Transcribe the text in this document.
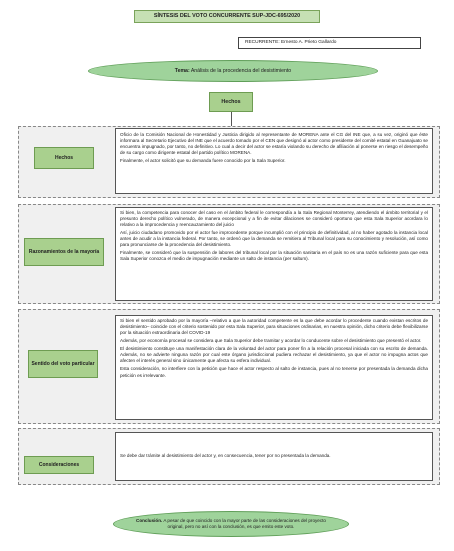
SÍNTESIS DEL VOTO CONCURRENTE SUP-JDC-695/2020
RECURRENTE: Ernesto A. Prieto Gallardo
Tema: Análisis de la procedencia del desistimiento
Hechos
Hechos

Oficio de la Comisión Nacional de Honestidad y Justicia dirigido al representante de MORENA ante el CG del INE que, a su vez, originó que éste informara al Secretario Ejecutivo del INE que el acuerdo tomado por el CEN que designó al actor como presidente del comité estatal en Guanajuato se encuentra impugnado, por tanto, no definitivo. Lo cual a decir del actor se estaría violando su derecho de afiliación al ponerse en riesgo el desempeño de su cargo como dirigente estatal del partido político MORENA.

Finalmente, el actor solicitó que su demanda fuere conocido por la Sala Superior.

Razonamientos de la mayoría

Si bien, la competencia para conocer del caso en el ámbito federal le correspondía a la Sala Regional Monterrey, atendiendo el ámbito territorial y el presunto derecho político vulnerado, de manera excepcional y a fin de evitar dilaciones se consideró oportuno que esta Sala Superior acordara lo relativo a la improcedencia y reencauzamiento del juicio

Así, juicio ciudadano promovido por el actor fue improcedente porque incumplió con el principio de definitividad, al no haber agotado la instancia local antes de acudir a la instancia federal. Por tanto, se ordenó que la demanda se remitiera al Tribunal local para su conocimiento y resolución, así como para pronunciarse de la procedencia del desistimiento.

Finalmente, se consideró que la suspensión de labores del tribunal local por la situación sanitaria en el país no es una razón suficiente para que esta Sala Superior conozca el medio de impugnación mediante un salto de instancia (per saltum).

Sentido del voto particular

Si bien el sentido aprobado por la mayoría –relativo a que la autoridad competente es la que debe acordar lo procedente cuando existan escritos de desistimiento– coincide con el criterio sostenido por esta Sala Superior, para situaciones ordinarias, en nuestra opinión, dicho criterio debe flexibilizarse por la situación extraordinaria del COVID-19

Además, por economía procesal se considera que Sala Superior debe tramitar y acordar lo conducente sobre el desistimiento que presentó el actor.

El desistimiento constituye una manifestación clara de la voluntad del actor para poner fin a la relación procesal iniciada con su escrito de demanda. Además, no se advierte ninguna razón por cual este órgano jurisdiccional pudiera rechazar el desistimiento, ya que el actor no impugna actos que afecten el interés general sino únicamente que afecta su esfera individual.

Esta consideración, no interfiere con la petición que hace el actor respecto al salto de instancia, pues al no tenerse por presentada la demanda dicha petición es irrelevante.

Consideraciones

Se debe dar trámite al desistimiento del actor y, en consecuencia, tener por no presentada la demanda.

Conclusión. A pesar de que coincido con la mayor parte de las consideraciones del proyecto original, pero no así con la conclusión, es que emito este voto.
